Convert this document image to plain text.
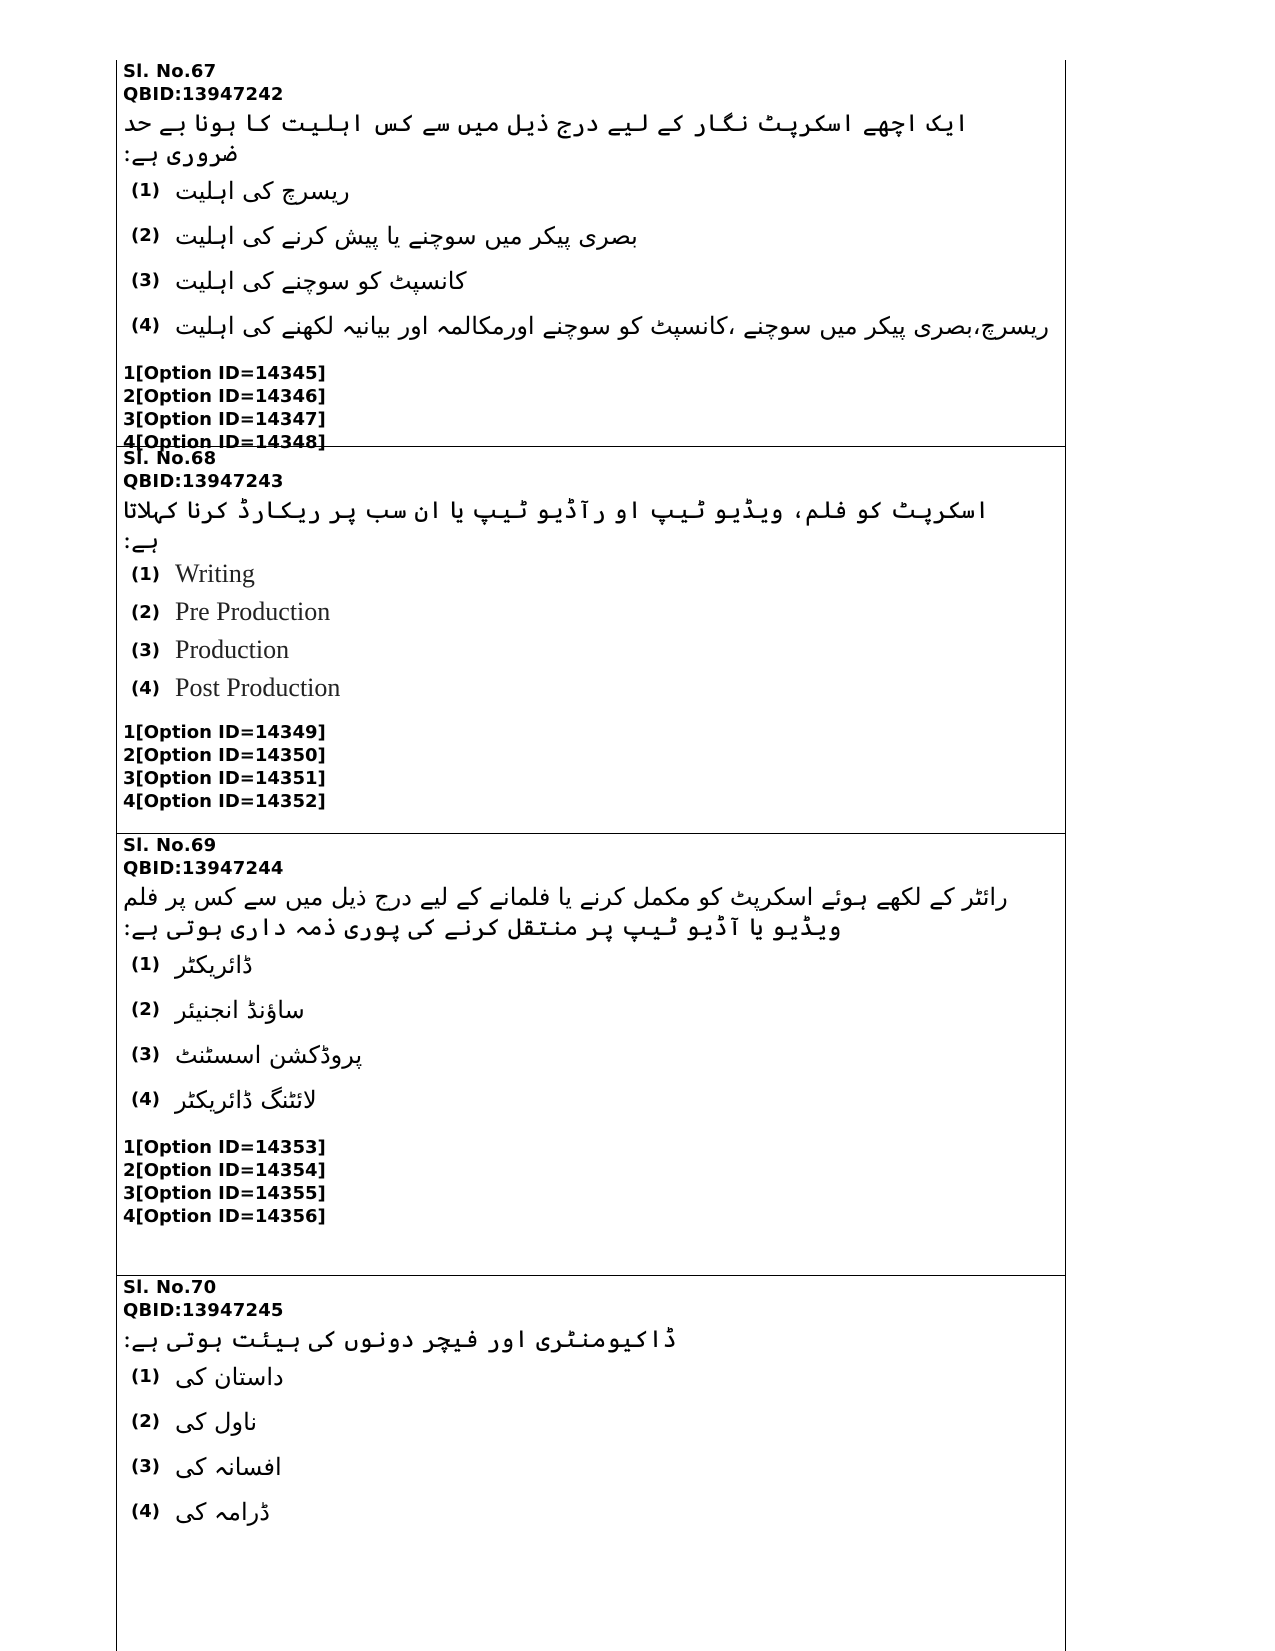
Sl. No.67
QBID:13947242
ایک اچھے اسکرپٹ نگار کے لیے درج ذیل میں سے کس اہلیت کا ہونا بے حد ضروری ہے:
(1) ریسرچ کی اہلیت
(2) بصری پیکر میں سوچنے یا پیش کرنے کی اہلیت
(3) کانسپٹ کو سوچنے کی اہلیت
(4) ریسرچ،بصری پیکر میں سوچنے ،کانسپٹ کو سوچنے اورمکالمہ اور بیانیہ لکھنے کی اہلیت
1[Option ID=14345]
2[Option ID=14346]
3[Option ID=14347]
4[Option ID=14348]
Sl. No.68
QBID:13947243
اسکرپٹ کو فلم، ویڈیو ٹیپ او رآڈیو ٹیپ یا ان سب پر ریکارڈ کرنا کہلاتا ہے:
(1) Writing
(2) Pre Production
(3) Production
(4) Post Production
1[Option ID=14349]
2[Option ID=14350]
3[Option ID=14351]
4[Option ID=14352]
Sl. No.69
QBID:13947244
رائٹر کے لکھے ہوئے اسکرپٹ کو مکمل کرنے یا فلمانے کے لیے درج ذیل میں سے کس پر فلم
ویڈیو یا آڈیو ٹیپ پر منتقل کرنے کی پوری ذمہ داری ہوتی ہے:
(1) ڈائریکٹر
(2) ساؤنڈ انجنیئر
(3) پروڈکشن اسسٹنٹ
(4) لائٹنگ ڈائریکٹر
1[Option ID=14353]
2[Option ID=14354]
3[Option ID=14355]
4[Option ID=14356]
Sl. No.70
QBID:13947245
ڈاکیومنٹری اور فیچر دونوں کی ہیئت ہوتی ہے:
(1) داستان کی
(2) ناول کی
(3) افسانہ کی
(4) ڈرامہ کی
